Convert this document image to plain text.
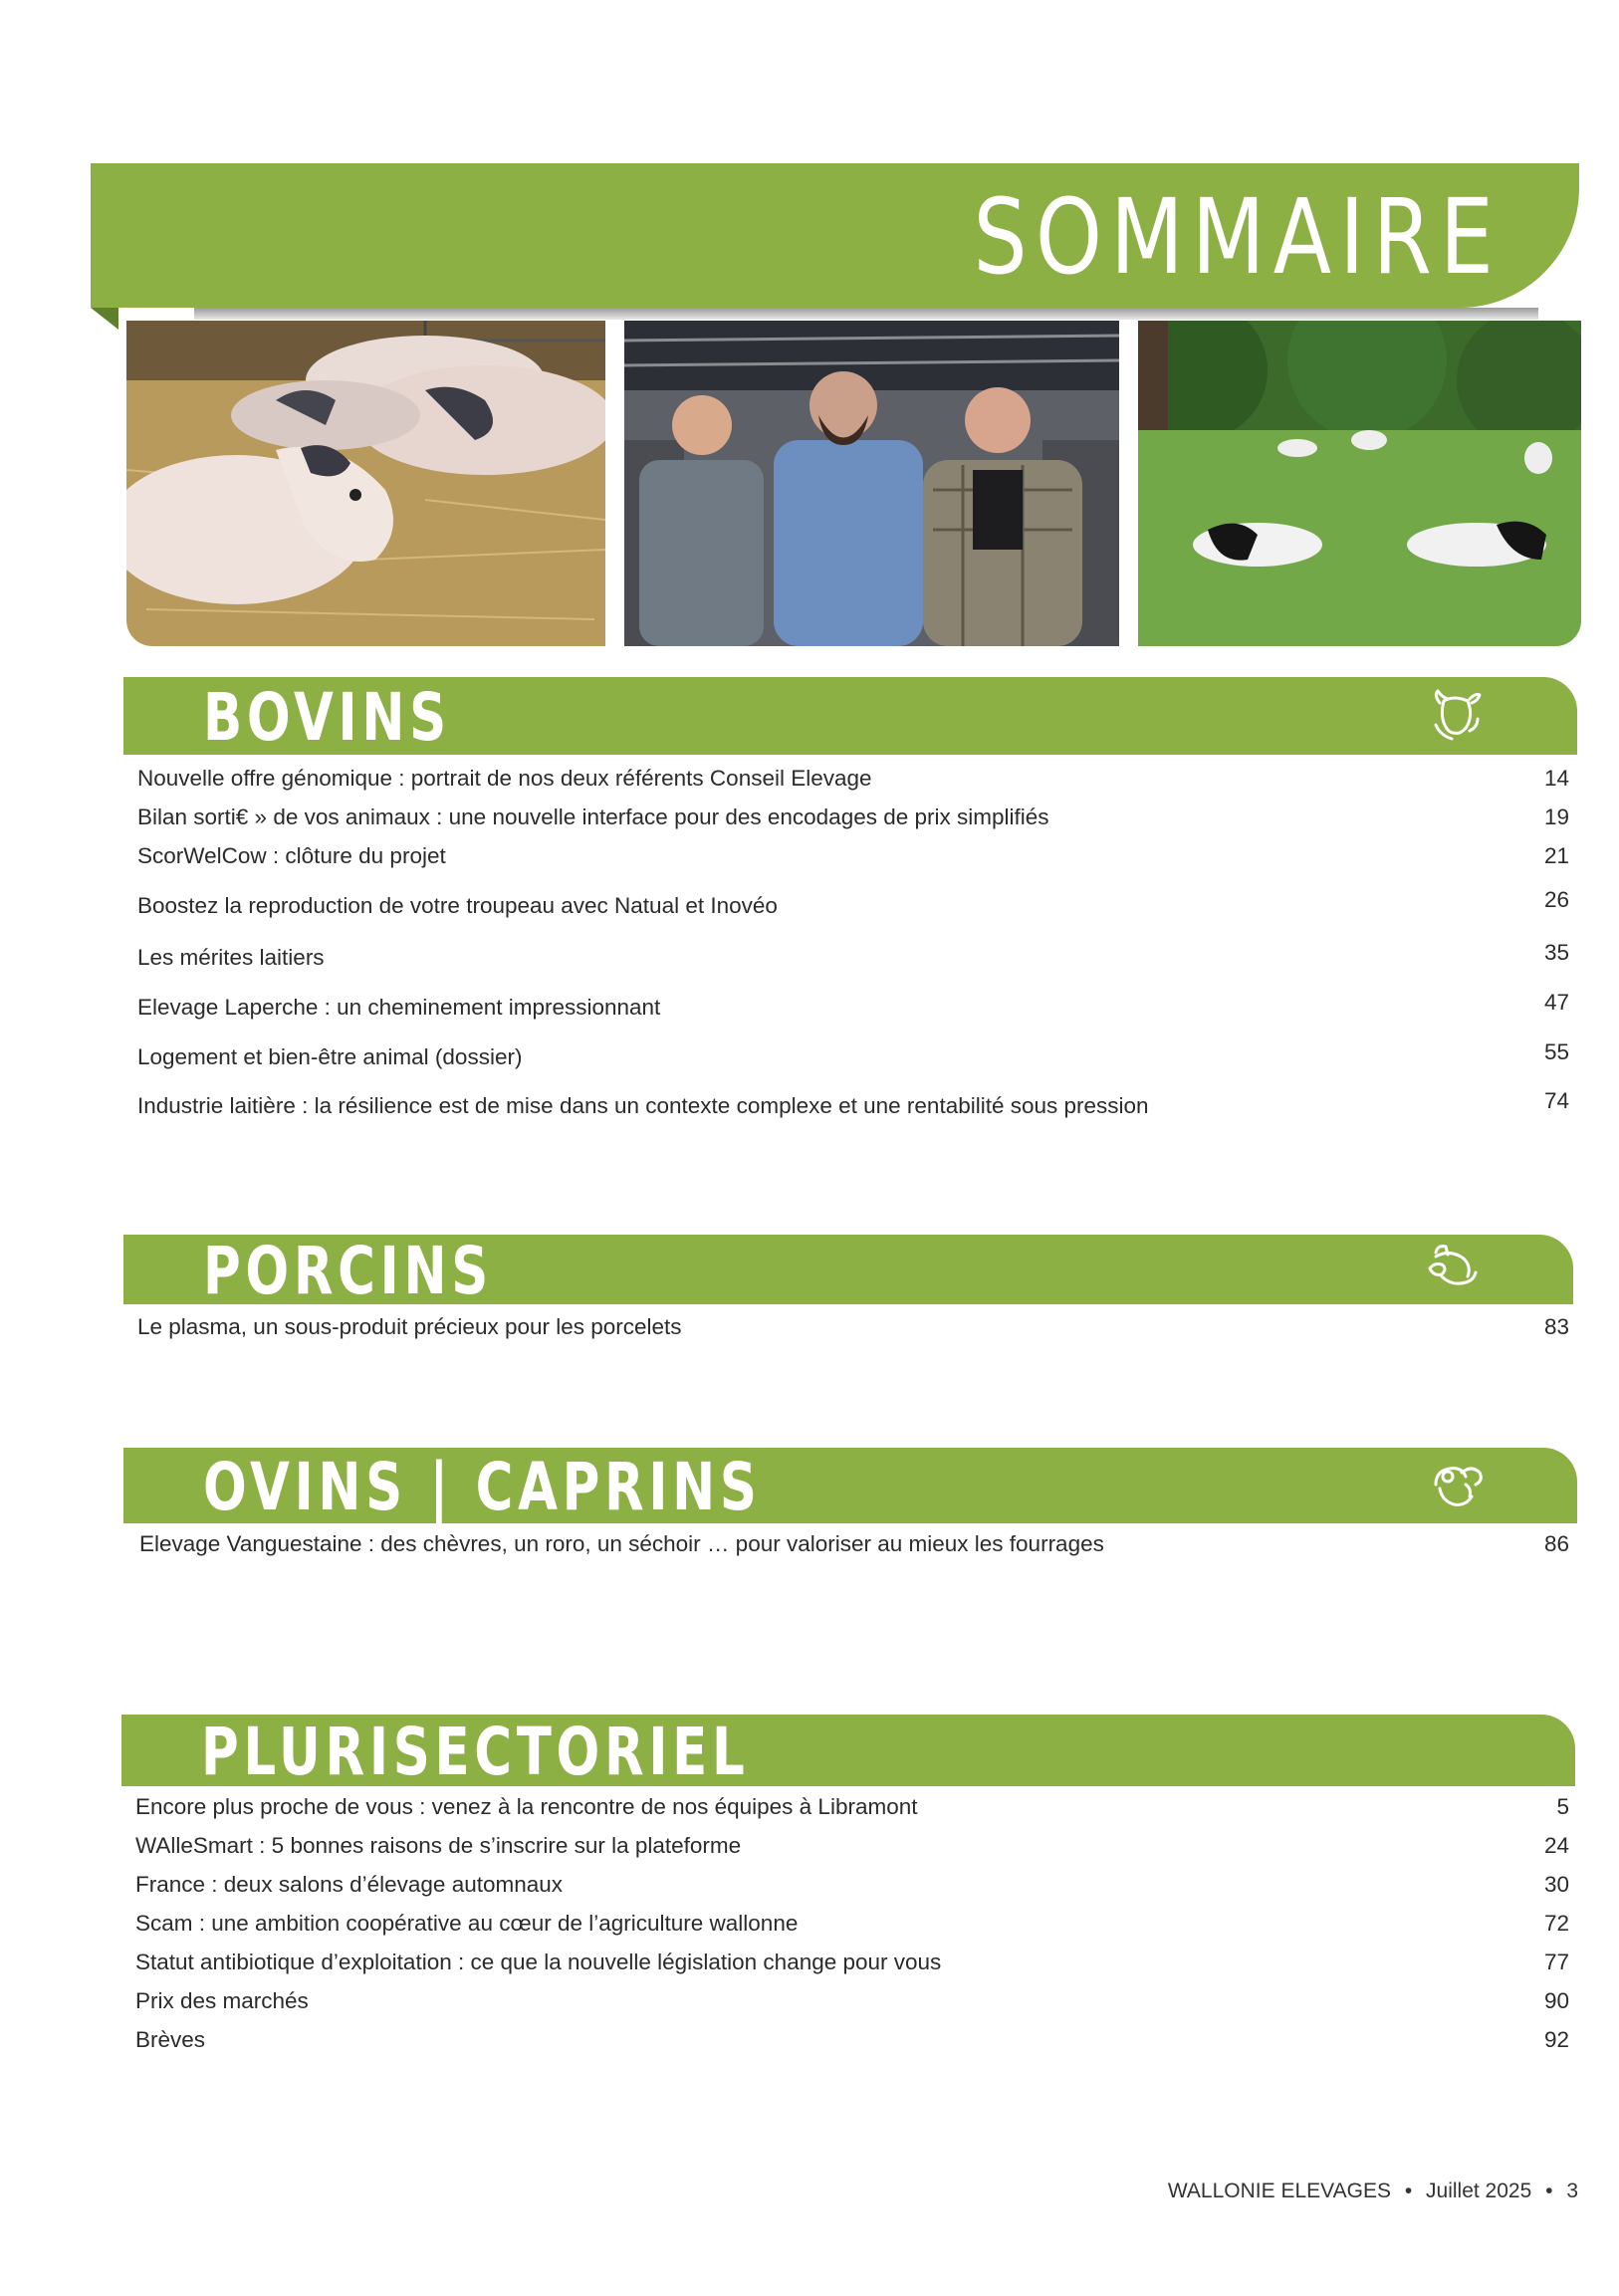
SOMMAIRE
BOVINS
Nouvelle offre génomique : portrait de nos deux référents Conseil Elevage	14
Bilan sorti€ » de vos animaux : une nouvelle interface pour des encodages de prix simplifiés	19
ScorWelCow : clôture du projet	21
Boostez la reproduction de votre troupeau avec Natual et Inovéo	26
Les mérites laitiers	35
Elevage Laperche : un cheminement impressionnant	47
Logement et bien-être animal (dossier)	55
Industrie laitière : la résilience est de mise dans un contexte complexe et une rentabilité sous pression	74
PORCINS
Le plasma, un sous-produit précieux pour les porcelets	83
OVINS | CAPRINS
Elevage Vanguestaine : des chèvres, un roro, un séchoir … pour valoriser au mieux les fourrages	86
PLURISECTORIEL
Encore plus proche de vous : venez à la rencontre de nos équipes à Libramont	5
WAlleSmart : 5 bonnes raisons de s’inscrire sur la plateforme	24
France : deux salons d’élevage automnaux	30
Scam : une ambition coopérative au cœur de l’agriculture wallonne	72
Statut antibiotique d’exploitation : ce que la nouvelle législation change pour vous	77
Prix des marchés	90
Brèves	92
WALLONIE ELEVAGES • Juillet 2025 • 3
